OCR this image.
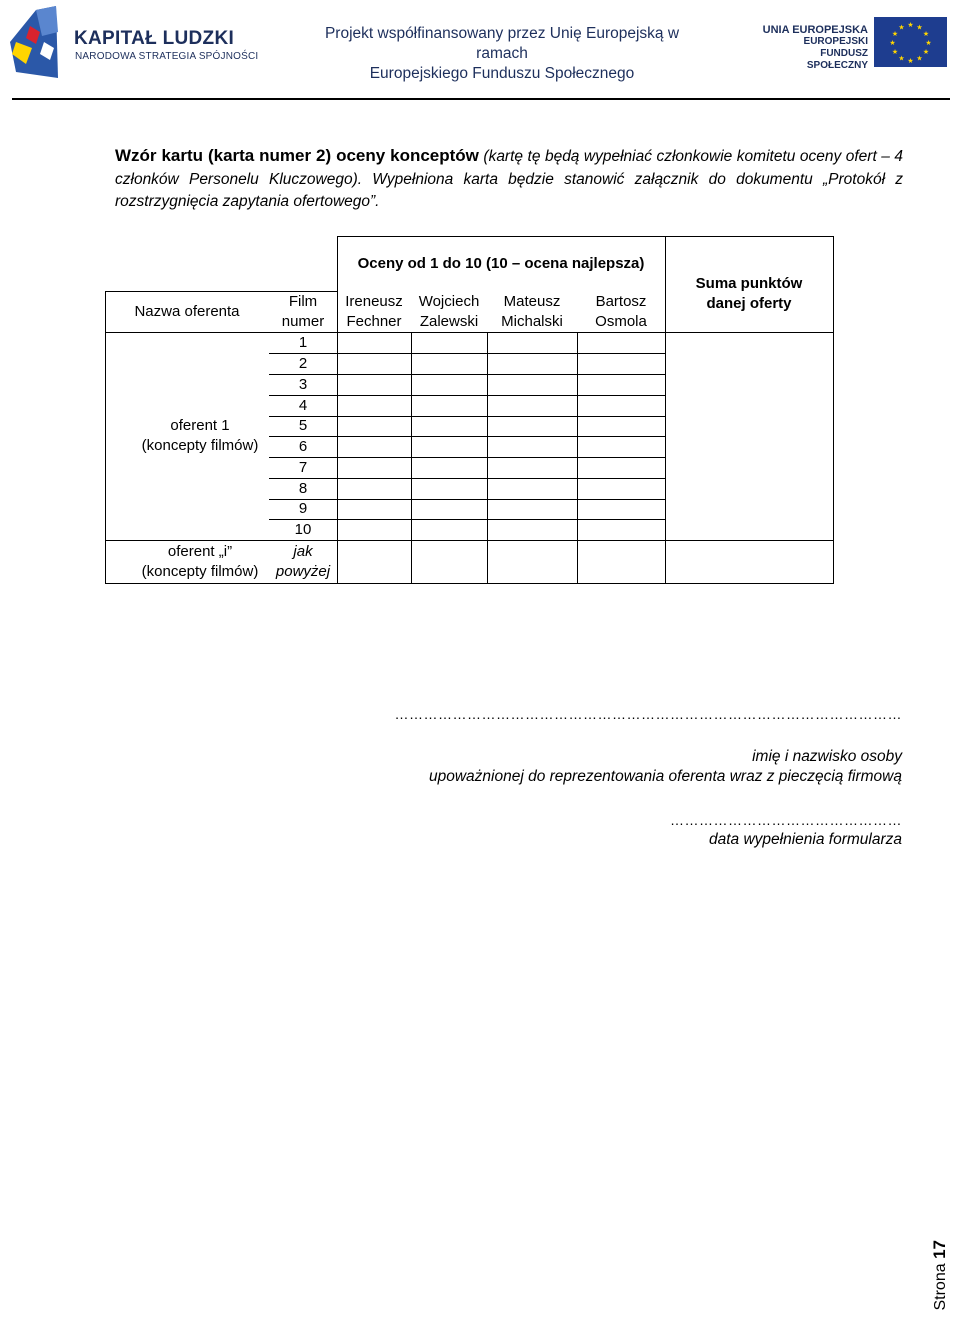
KAPITAŁ LUDZKI
NARODOWA STRATEGIA SPÓJNOŚCI
Projekt współfinansowany przez Unię Europejską w ramach
Europejskiego Funduszu Społecznego
UNIA EUROPEJSKA
EUROPEJSKI
FUNDUSZ SPOŁECZNY
★ ★
★
★
★
★
★
★
★
★
★
★
Wzór kartu (karta numer 2) oceny konceptów (kartę tę będą wypełniać członkowie komitetu oceny ofert – 4 członków Personelu Kluczowego). Wypełniona karta będzie stanowić załącznik do dokumentu „Protokół z rozstrzygnięcia zapytania ofertowego”.
Nazwa oferenta
Film
numer
Oceny od 1 do 10 (10 – ocena najlepsza)
Ireneusz
Fechner
Wojciech
Zalewski
Mateusz
Michalski
Bartosz
Osmola
Suma punktów danej oferty
oferent 1
(koncepty filmów)
1
2
3
4
5
6
7
8
9
10
oferent „i”
(koncepty filmów)
jak
powyżej
……………………………………………………………………………………………
imię i nazwisko osoby
upoważnionej do reprezentowania oferenta wraz z pieczęcią firmową
…………………………………………
data wypełnienia formularza
Strona 17
